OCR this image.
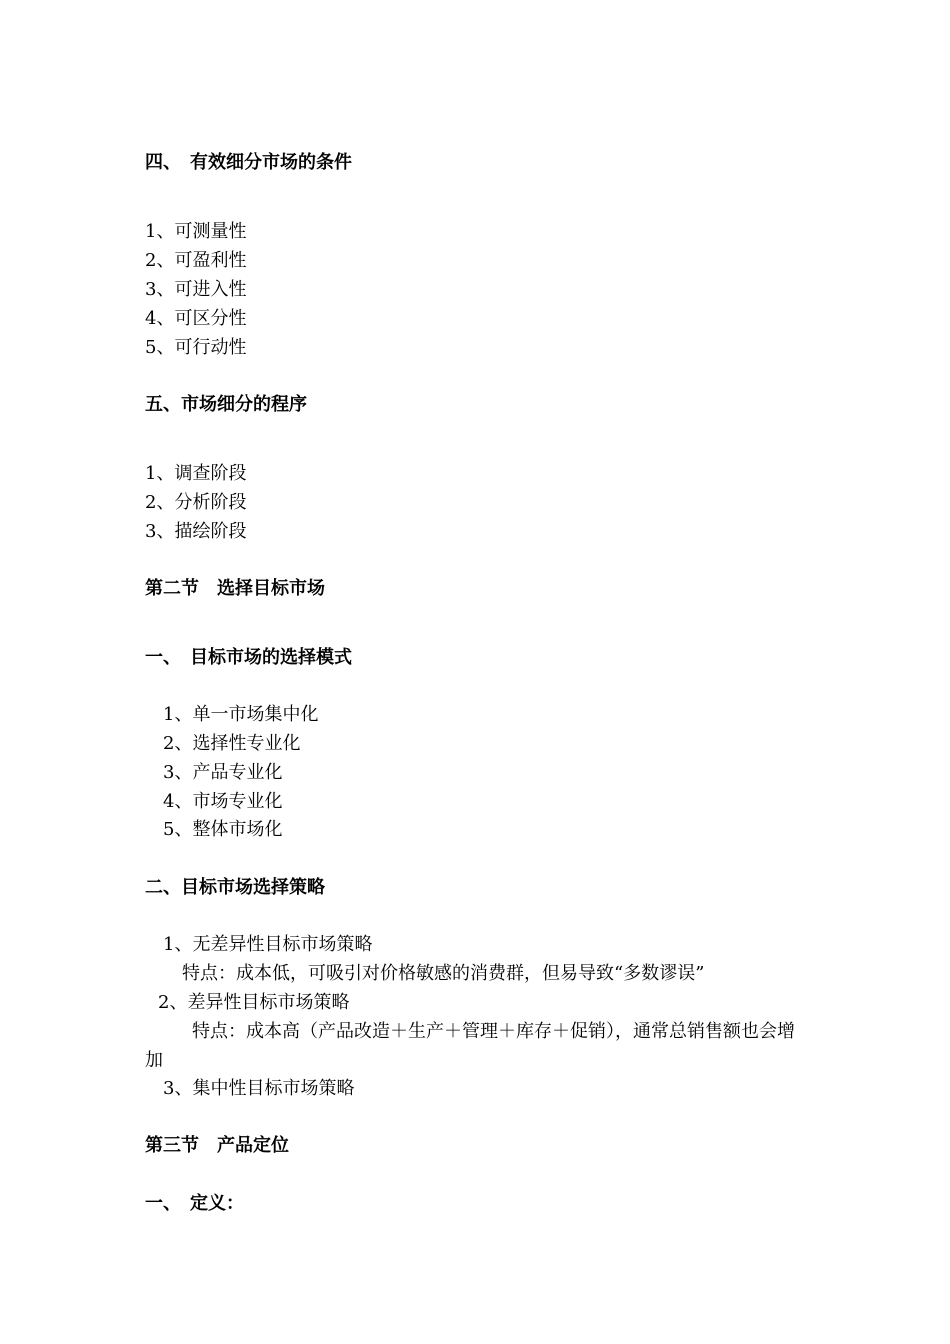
四、　有效细分市场的条件
1、可测量性
2、可盈利性
3、可进入性
4、可区分性
5、可行动性
五、市场细分的程序
1、调查阶段
2、分析阶段
3、描绘阶段
第二节　选择目标市场
一、　目标市场的选择模式
1、单一市场集中化
2、选择性专业化
3、产品专业化
4、市场专业化
5、整体市场化
二、目标市场选择策略
1、无差异性目标市场策略
特点：成本低，可吸引对价格敏感的消费群，但易导致“多数谬误”
2、差异性目标市场策略
特点：成本高（产品改造＋生产＋管理＋库存＋促销），通常总销售额也会增加
3、集中性目标市场策略
第三节　产品定位
一、　定义：
